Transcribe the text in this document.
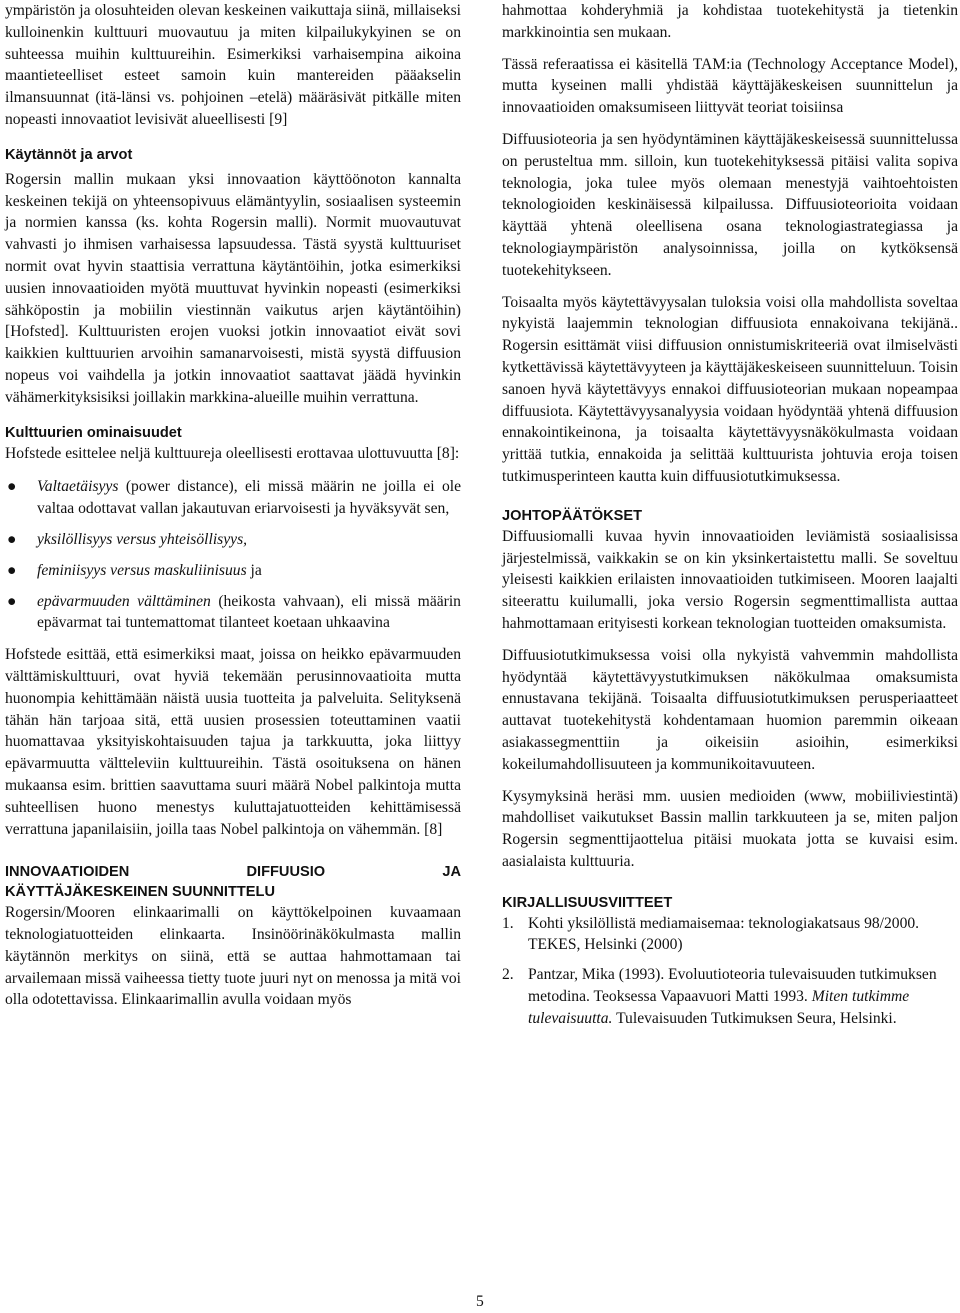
ympäristön ja olosuhteiden olevan keskeinen vaikuttaja siinä, millaiseksi kulloinenkin kulttuuri muovautuu ja miten kilpailukykyinen se on suhteessa muihin kulttuureihin. Esimerkiksi varhaisempina aikoina maantieteelliset esteet samoin kuin mantereiden pääakselin ilmansuunnat (itä-länsi vs. pohjoinen –etelä) määräsivät pitkälle miten nopeasti innovaatiot levisivät alueellisesti [9]

Käytännöt ja arvot

Rogersin mallin mukaan yksi innovaation käyttöönoton kannalta keskeinen tekijä on yhteensopivuus elämäntyylin, sosiaalisen systeemin ja normien kanssa (ks. kohta Rogersin malli). Normit muovautuvat vahvasti jo ihmisen varhaisessa lapsuudessa. Tästä syystä kulttuuriset normit ovat hyvin staattisia verrattuna käytäntöihin, jotka esimerkiksi uusien innovaatioiden myötä muuttuvat hyvinkin nopeasti (esimerkiksi sähköpostin ja mobiilin viestinnän vaikutus arjen käytäntöihin) [Hofsted]. Kulttuuristen erojen vuoksi jotkin innovaatiot eivät sovi kaikkien kulttuurien arvoihin samanarvoisesti, mistä syystä diffuusion nopeus voi vaihdella ja jotkin innovaatiot saattavat jäädä hyvinkin vähämerkityksisiksi joillakin markkina-alueille muihin verrattuna.

Kulttuurien ominaisuudet

Hofstede esittelee neljä kulttuureja oleellisesti erottavaa ulottuvuutta [8]:

● Valtaetäisyys (power distance), eli missä määrin ne joilla ei ole valtaa odottavat vallan jakautuvan eriarvoisesti ja hyväksyvät sen,
● yksilöllisyys versus yhteisöllisyys,
● feminiisyys versus maskuliinisuus ja
● epävarmuuden välttäminen (heikosta vahvaan), eli missä määrin epävarmat tai tuntemattomat tilanteet koetaan uhkaavina

Hofstede esittää, että esimerkiksi maat, joissa on heikko epävarmuuden välttämiskulttuuri, ovat hyviä tekemään perusinnovaatioita mutta huonompia kehittämään näistä uusia tuotteita ja palveluita. Selityksenä tähän hän tarjoaa sitä, että uusien prosessien toteuttaminen vaatii huomattavaa yksityiskohtaisuuden tajua ja tarkkuutta, joka liittyy epävarmuutta vältteleviin kulttuureihin. Tästä osoituksena on hänen mukaansa esim. brittien saavuttama suuri määrä Nobel palkintoja mutta suhteellisen huono menestys kuluttajatuotteiden kehittämisessä verrattuna japanilaisiin, joilla taas Nobel palkintoja on vähemmän. [8]

INNOVAATIOIDEN	DIFFUUSIO	JA
KÄYTTÄJÄKESKEINEN SUUNNITTELU

Rogersin/Mooren elinkaarimalli on käyttökelpoinen kuvaamaan teknologiatuotteiden elinkaarta. Insinöörinäkökulmasta mallin käytännön merkitys on siinä, että se auttaa hahmottamaan tai arvailemaan missä vaiheessa tietty tuote juuri nyt on menossa ja mitä voi olla odotettavissa. Elinkaarimallin avulla voidaan myös

hahmottaa kohderyhmiä ja kohdistaa tuotekehitystä ja tietenkin markkinointia sen mukaan.

Tässä referaatissa ei käsitellä TAM:ia (Technology Acceptance Model), mutta kyseinen malli yhdistää käyttäjäkeskeisen suunnittelun ja innovaatioiden omaksumiseen liittyvät teoriat toisiinsa

Diffuusioteoria ja sen hyödyntäminen käyttäjäkeskeisessä suunnittelussa on perusteltua mm. silloin, kun tuotekehityksessä pitäisi valita sopiva teknologia, joka tulee myös olemaan menestyjä vaihtoehtoisten teknologioiden keskinäisessä kilpailussa. Diffuusioteorioita voidaan käyttää yhtenä oleellisena osana teknologiastrategiassa ja teknologiaympäristön analysoinnissa, joilla on kytköksensä tuotekehitykseen.

Toisaalta myös käytettävyysalan tuloksia voisi olla mahdollista soveltaa nykyistä laajemmin teknologian diffuusiota ennakoivana tekijänä.. Rogersin esittämät viisi diffuusion onnistumiskriteeriä ovat ilmiselvästi kytkettävissä käytettävyyteen ja käyttäjäkeskeiseen suunnitteluun. Toisin sanoen hyvä käytettävyys ennakoi diffuusioteorian mukaan nopeampaa diffuusiota. Käytettävyysanalyysia voidaan hyödyntää yhtenä diffuusion ennakointikeinona, ja toisaalta käytettävyysnäkökulmasta voidaan yrittää tutkia, ennakoida ja selittää kulttuurista johtuvia eroja toisen tutkimusperinteen kautta kuin diffuusiotutkimuksessa.

JOHTOPÄÄTÖKSET

Diffuusiomalli kuvaa hyvin innovaatioiden leviämistä sosiaalisissa järjestelmissä, vaikkakin se on kin yksinkertaistettu malli. Se soveltuu yleisesti kaikkien erilaisten innovaatioiden tutkimiseen. Mooren laajalti siteerattu kuilumalli, joka versio Rogersin segmenttimallista auttaa hahmottamaan erityisesti korkean teknologian tuotteiden omaksumista.

Diffuusiotutkimuksessa voisi olla nykyistä vahvemmin mahdollista hyödyntää käytettävyystutkimuksen näkökulmaa omaksumista ennustavana tekijänä. Toisaalta diffuusiotutkimuksen perusperiaatteet auttavat tuotekehitystä kohdentamaan huomion paremmin oikeaan asiakassegmenttiin ja oikeisiin asioihin, esimerkiksi kokeilumahdollisuuteen ja kommunikoitavuuteen.

Kysymyksinä heräsi mm. uusien medioiden (www, mobiiliviestintä) mahdolliset vaikutukset Bassin mallin tarkkuuteen ja se, miten paljon Rogersin segmenttijaottelua pitäisi muokata jotta se kuvaisi esim. aasialaista kulttuuria.

KIRJALLISUUSVIITTEET
1. Kohti yksilöllistä mediamaisemaa: teknologiakatsaus 98/2000. TEKES, Helsinki (2000)
2. Pantzar, Mika (1993). Evoluutioteoria tulevaisuuden tutkimuksen metodina. Teoksessa Vapaavuori Matti 1993. Miten tutkimme tulevaisuutta. Tulevaisuuden Tutkimuksen Seura, Helsinki.
5
